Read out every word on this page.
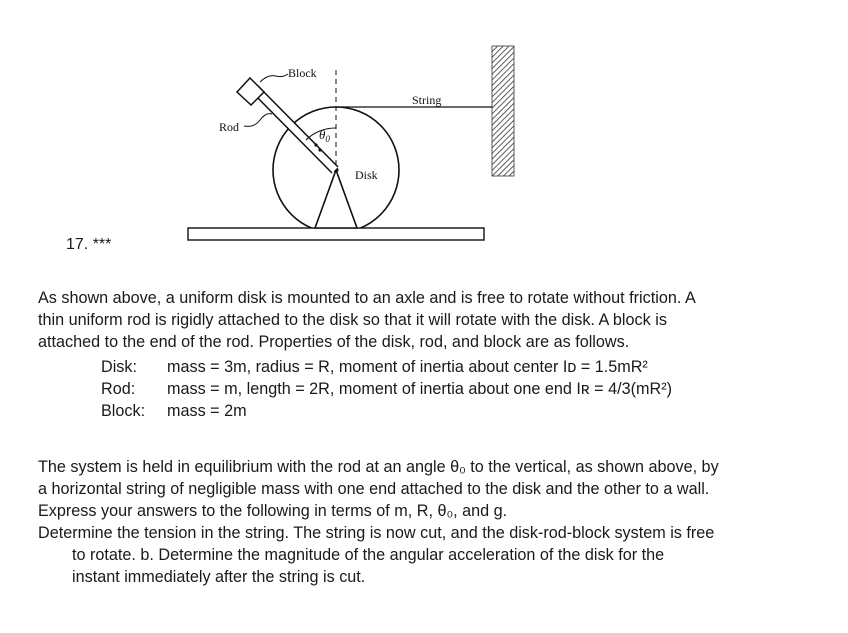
Block
String
Rod	$\theta_0$
Disk
17. ***

As shown above, a uniform disk is mounted to an axle and is free to rotate without friction. A

thin uniform rod is rigidly attached to the disk so that it will rotate with the disk. A block is

attached to the end of the rod. Properties of the disk, rod, and block are as follows.

Disk: mass = 3m, radius = R, moment of inertia about center Iᴅ = 1.5mR²
Rod: mass = m, length = 2R, moment of inertia about one end Iʀ = 4/3(mR²)
Block: mass = 2m

The system is held in equilibrium with the rod at an angle θ₀ to the vertical, as shown above, by

a horizontal string of negligible mass with one end attached to the disk and the other to a wall.

Express your answers to the following in terms of m, R, θ₀, and g.

Determine the tension in the string. The string is now cut, and the disk-rod-block system is free

to rotate. b. Determine the magnitude of the angular acceleration of the disk for the

instant immediately after the string is cut.
